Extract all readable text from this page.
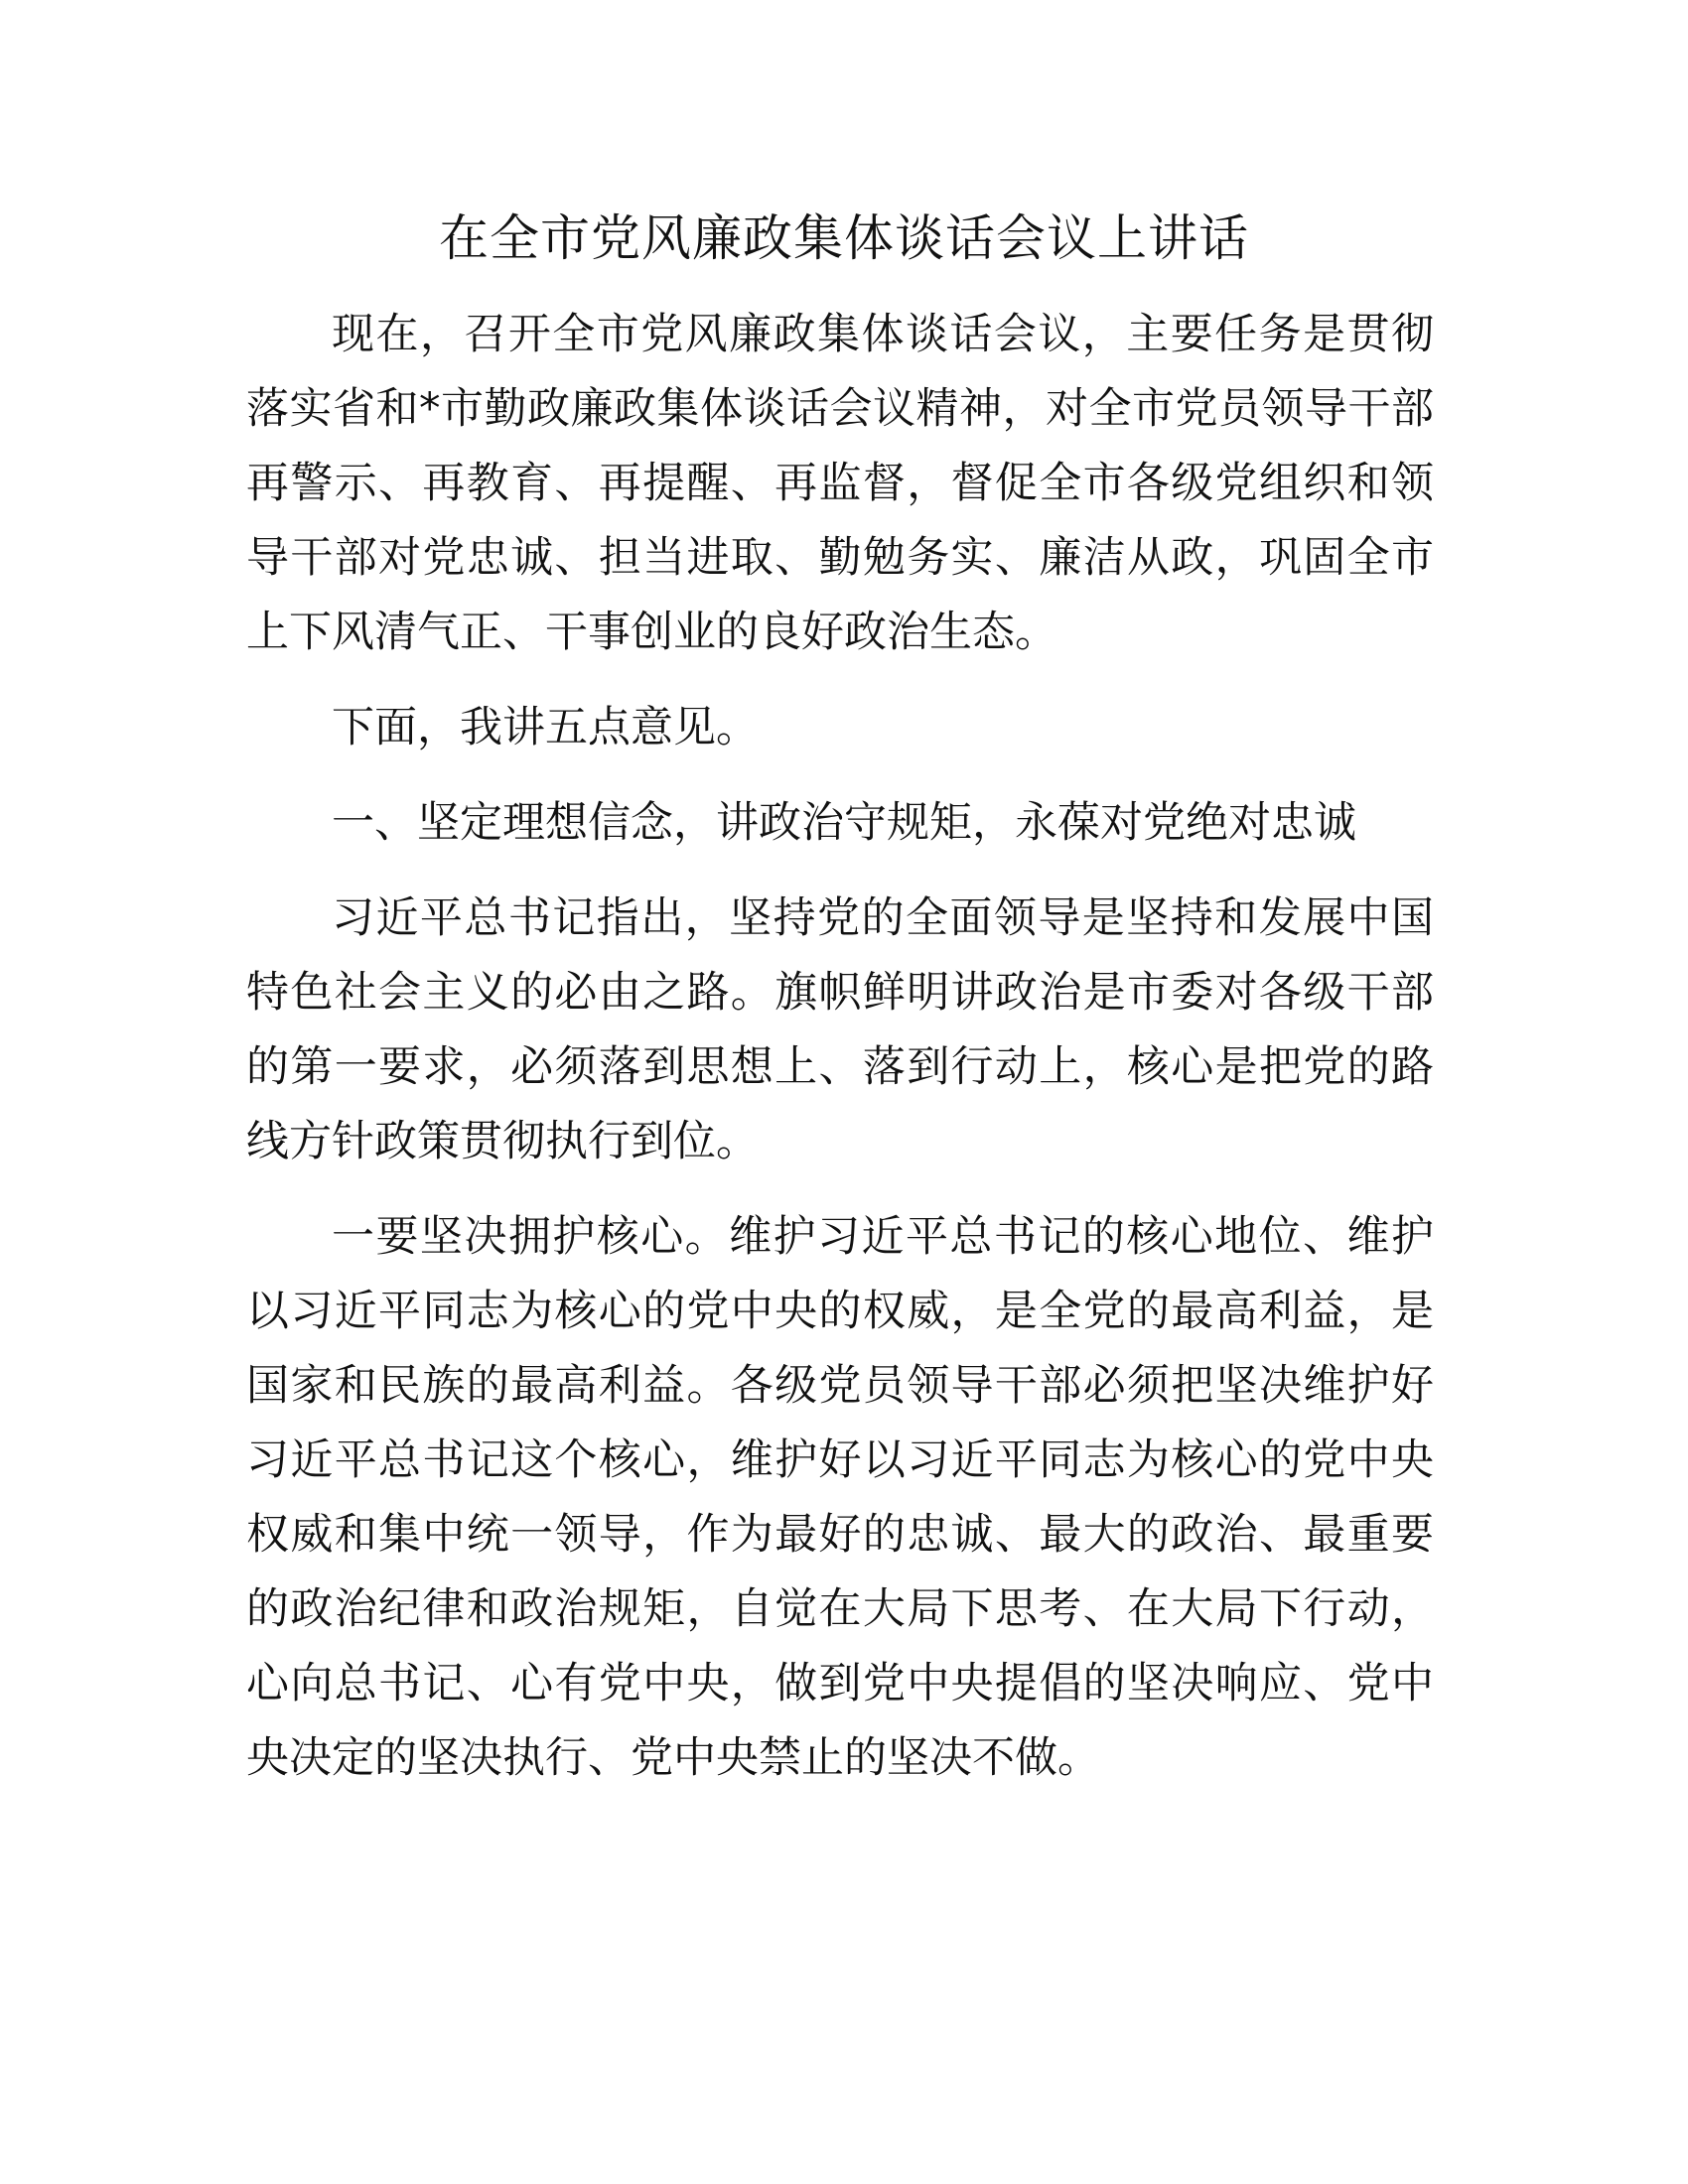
在全市党风廉政集体谈话会议上讲话

现在，召开全市党风廉政集体谈话会议，主要任务是贯彻落实省和*市勤政廉政集体谈话会议精神，对全市党员领导干部再警示、再教育、再提醒、再监督，督促全市各级党组织和领导干部对党忠诚、担当进取、勤勉务实、廉洁从政，巩固全市上下风清气正、干事创业的良好政治生态。

下面，我讲五点意见。

一、坚定理想信念，讲政治守规矩，永葆对党绝对忠诚

习近平总书记指出，坚持党的全面领导是坚持和发展中国特色社会主义的必由之路。旗帜鲜明讲政治是市委对各级干部的第一要求，必须落到思想上、落到行动上，核心是把党的路线方针政策贯彻执行到位。

一要坚决拥护核心。维护习近平总书记的核心地位、维护以习近平同志为核心的党中央的权威，是全党的最高利益，是国家和民族的最高利益。各级党员领导干部必须把坚决维护好习近平总书记这个核心，维护好以习近平同志为核心的党中央权威和集中统一领导，作为最好的忠诚、最大的政治、最重要的政治纪律和政治规矩，自觉在大局下思考、在大局下行动，心向总书记、心有党中央，做到党中央提倡的坚决响应、党中央决定的坚决执行、党中央禁止的坚决不做。
